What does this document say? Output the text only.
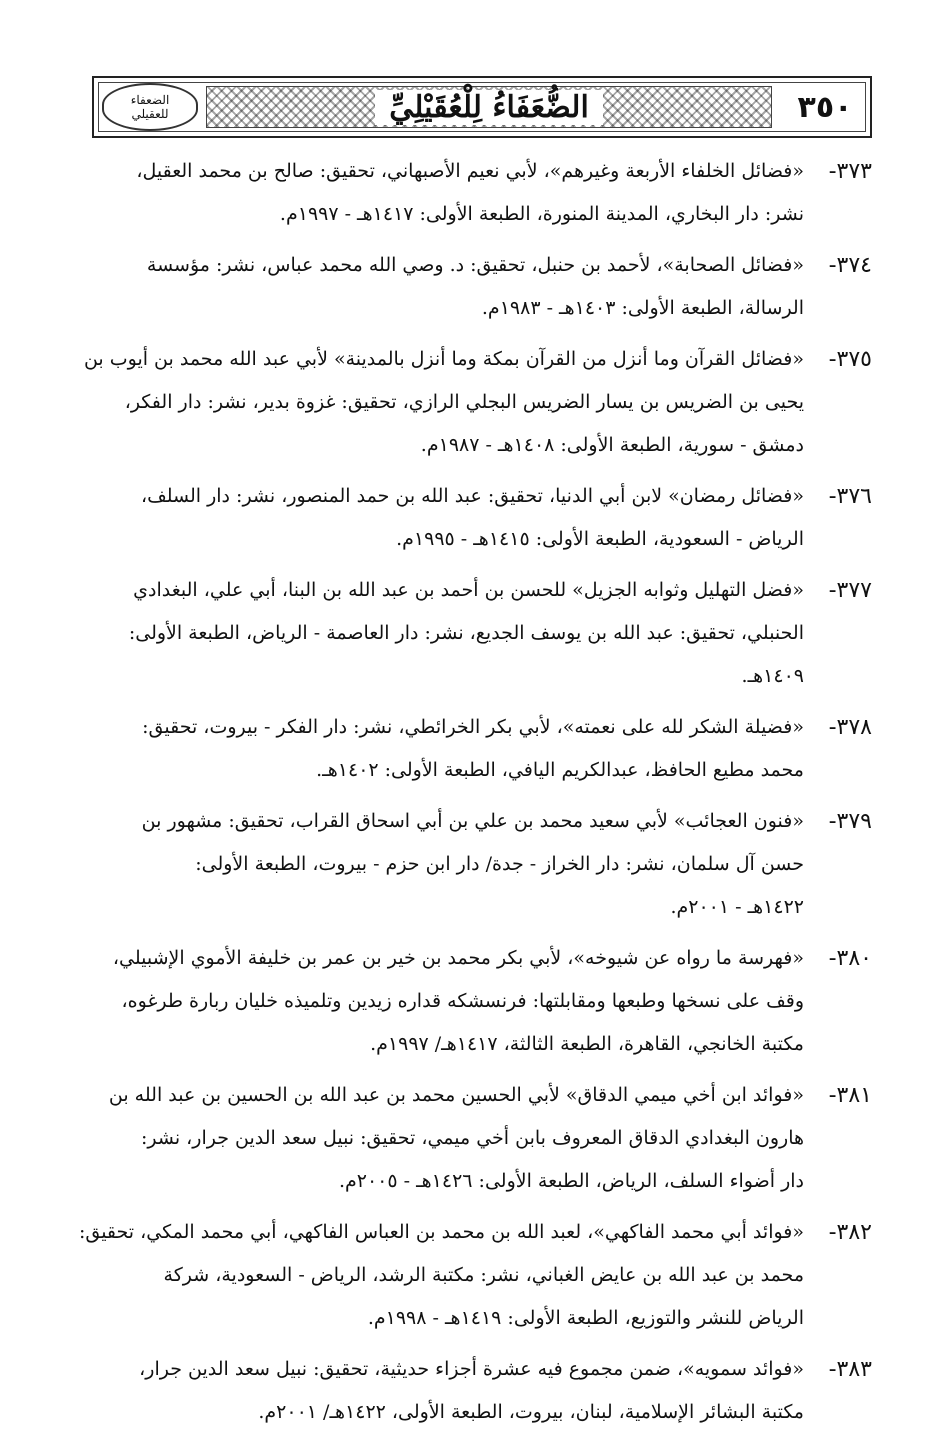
٣٥٠
الضُّعَفَاءُ لِلْعُقَيْلِيِّ
الضعفاء
للعقيلي
٣٧٣-
«فضائل الخلفاء الأربعة وغيرهم»، لأبي نعيم الأصبهاني، تحقيق: صالح بن محمد العقيل،
نشر: دار البخاري، المدينة المنورة، الطبعة الأولى: ١٤١٧هـ - ١٩٩٧م.
٣٧٤-
«فضائل الصحابة»، لأحمد بن حنبل، تحقيق: د. وصي الله محمد عباس، نشر: مؤسسة
الرسالة، الطبعة الأولى: ١٤٠٣هـ - ١٩٨٣م.
٣٧٥-
«فضائل القرآن وما أنزل من القرآن بمكة وما أنزل بالمدينة» لأبي عبد الله محمد بن أيوب بن
يحيى بن الضريس بن يسار الضريس البجلي الرازي، تحقيق: غزوة بدير، نشر: دار الفكر،
دمشق - سورية، الطبعة الأولى: ١٤٠٨هـ - ١٩٨٧م.
٣٧٦-
«فضائل رمضان» لابن أبي الدنيا، تحقيق: عبد الله بن حمد المنصور، نشر: دار السلف،
الرياض - السعودية، الطبعة الأولى: ١٤١٥هـ - ١٩٩٥م.
٣٧٧-
«فضل التهليل وثوابه الجزيل» للحسن بن أحمد بن عبد الله بن البنا، أبي علي، البغدادي
الحنبلي، تحقيق: عبد الله بن يوسف الجديع، نشر: دار العاصمة - الرياض، الطبعة الأولى:
١٤٠٩هـ.
٣٧٨-
«فضيلة الشكر لله على نعمته»، لأبي بكر الخرائطي، نشر: دار الفكر - بيروت، تحقيق:
محمد مطيع الحافظ، عبدالكريم اليافي، الطبعة الأولى: ١٤٠٢هـ.
٣٧٩-
«فنون العجائب» لأبي سعيد محمد بن علي بن أبي اسحاق القراب، تحقيق: مشهور بن
حسن آل سلمان، نشر: دار الخراز - جدة/ دار ابن حزم - بيروت، الطبعة الأولى:
١٤٢٢هـ - ٢٠٠١م.
٣٨٠-
«فهرسة ما رواه عن شيوخه»، لأبي بكر محمد بن خير بن عمر بن خليفة الأموي الإشبيلي،
وقف على نسخها وطبعها ومقابلتها: فرنسشكه قداره زيدين وتلميذه خليان ربارة طرغوه،
مكتبة الخانجي، القاهرة، الطبعة الثالثة، ١٤١٧هـ/ ١٩٩٧م.
٣٨١-
«فوائد ابن أخي ميمي الدقاق» لأبي الحسين محمد بن عبد الله بن الحسين بن عبد الله بن
هارون البغدادي الدقاق المعروف بابن أخي ميمي، تحقيق: نبيل سعد الدين جرار، نشر:
دار أضواء السلف، الرياض، الطبعة الأولى: ١٤٢٦هـ - ٢٠٠٥م.
٣٨٢-
«فوائد أبي محمد الفاكهي»، لعبد الله بن محمد بن العباس الفاكهي، أبي محمد المكي، تحقيق:
محمد بن عبد الله بن عايض الغباني، نشر: مكتبة الرشد، الرياض - السعودية، شركة
الرياض للنشر والتوزيع، الطبعة الأولى: ١٤١٩هـ - ١٩٩٨م.
٣٨٣-
«فوائد سمويه»، ضمن مجموع فيه عشرة أجزاء حديثية، تحقيق: نبيل سعد الدين جرار،
مكتبة البشائر الإسلامية، لبنان، بيروت، الطبعة الأولى، ١٤٢٢هـ/ ٢٠٠١م.
